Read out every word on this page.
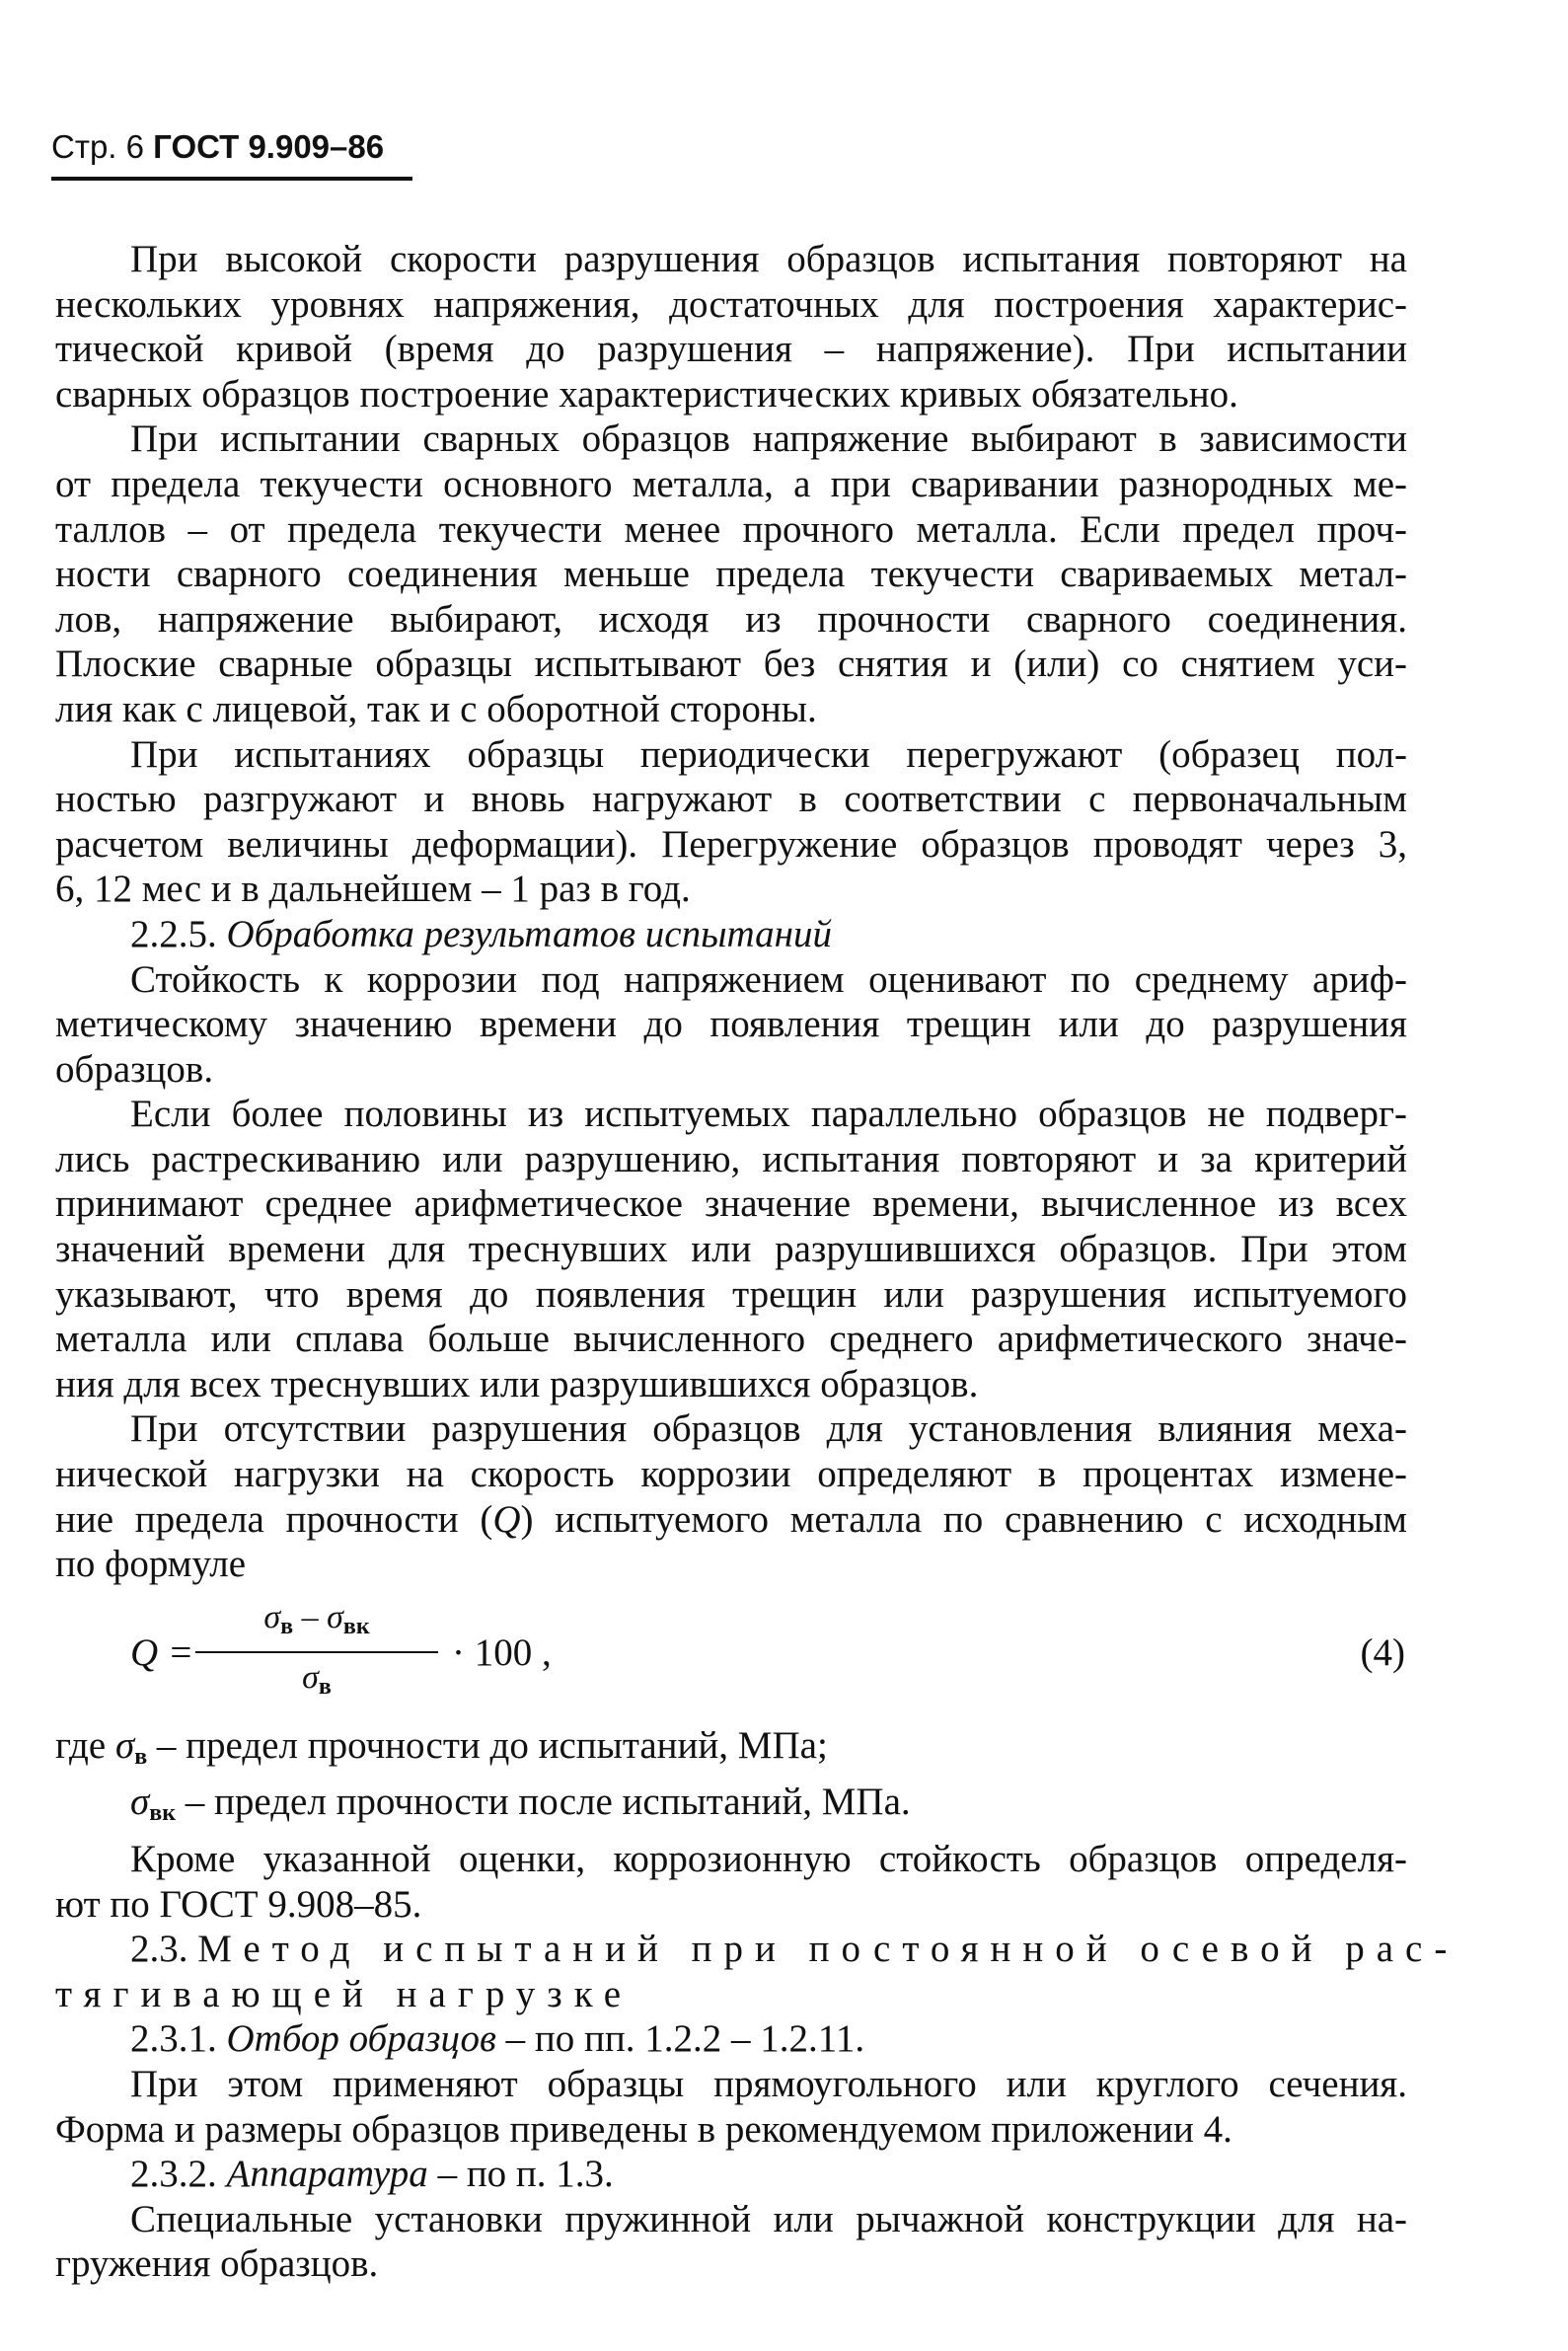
Стр. 6 ГОСТ 9.909–86
При высокой скорости разрушения образцов испытания повторяют на
нескольких уровнях напряжения, достаточных для построения характерис-
тической кривой (время до разрушения – напряжение). При испытании
сварных образцов построение характеристических кривых обязательно.
При испытании сварных образцов напряжение выбирают в зависимости
от предела текучести основного металла, а при сваривании разнородных ме-
таллов – от предела текучести менее прочного металла. Если предел проч-
ности сварного соединения меньше предела текучести свариваемых метал-
лов, напряжение выбирают, исходя из прочности сварного соединения.
Плоские сварные образцы испытывают без снятия и (или) со снятием уси-
лия как с лицевой, так и с оборотной стороны.
При испытаниях образцы периодически перегружают (образец пол-
ностью разгружают и вновь нагружают в соответствии с первоначальным
расчетом величины деформации). Перегружение образцов проводят через 3,
6, 12 мес и в дальнейшем – 1 раз в год.
2.2.5. Обработка результатов испытаний
Стойкость к коррозии под напряжением оценивают по среднему ариф-
метическому значению времени до появления трещин или до разрушения
образцов.
Если более половины из испытуемых параллельно образцов не подверг-
лись растрескиванию или разрушению, испытания повторяют и за критерий
принимают среднее арифметическое значение времени, вычисленное из всех
значений времени для треснувших или разрушившихся образцов. При этом
указывают, что время до появления трещин или разрушения испытуемого
металла или сплава больше вычисленного среднего арифметического значе-
ния для всех треснувших или разрушившихся образцов.
При отсутствии разрушения образцов для установления влияния меха-
нической нагрузки на скорость коррозии определяют в процентах измене-
ние предела прочности (Q) испытуемого металла по сравнению с исходным
по формуле
Q =
$\sigma_в - \sigma_{вк}$
$\sigma_в$
· 100 ,	(4)
где $\sigma_в$ – предел прочности до испытаний, МПа;
$\sigma_{вк}$ – предел прочности после испытаний, МПа.
Кроме указанной оценки, коррозионную стойкость образцов определя-
ют по ГОСТ 9.908–85.
2.3. Метод испытаний при постоянной осевой рас-
тягивающей нагрузке
2.3.1. Отбор образцов – по пп. 1.2.2 – 1.2.11.
При этом применяют образцы прямоугольного или круглого сечения.
Форма и размеры образцов приведены в рекомендуемом приложении 4.
2.3.2. Аппаратура – по п. 1.3.
Специальные установки пружинной или рычажной конструкции для на-
гружения образцов.
